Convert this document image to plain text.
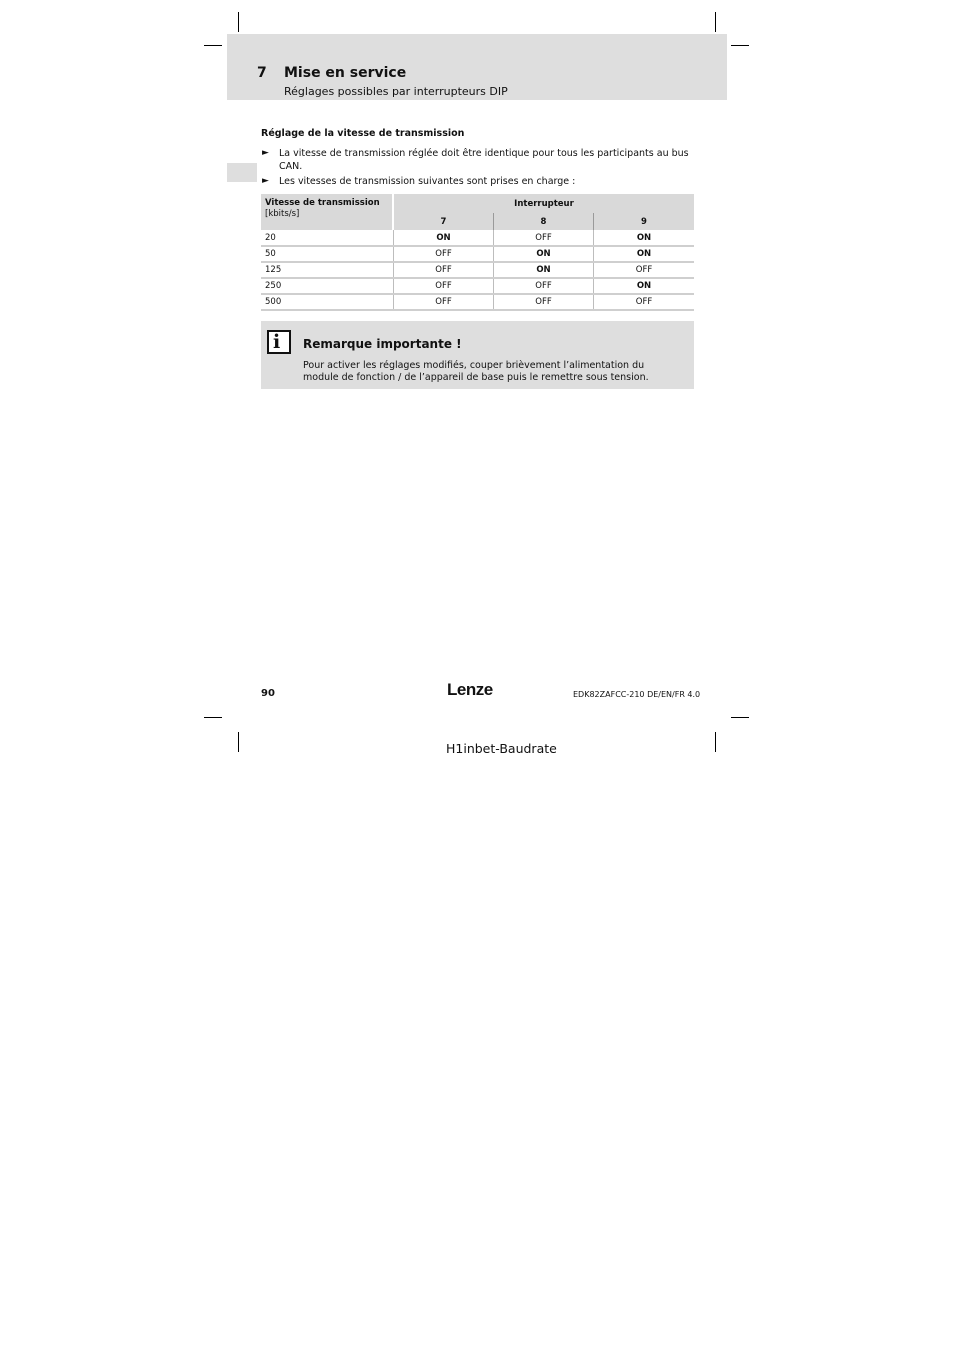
7 Mise en service
Réglages possibles par interrupteurs DIP
Réglage de la vitesse de transmission
► La vitesse de transmission réglée doit être identique pour tous les participants au bus CAN.
► Les vitesses de transmission suivantes sont prises en charge :
Vitesse de transmission
[kbits/s]
Interrupteur
7	8	9
20	ON	OFF	ON
50	OFF	ON	ON
125	OFF	ON	OFF
250	OFF	OFF	ON
500	OFF	OFF	OFF
i Remarque importante !
Pour activer les réglages modifiés, couper brièvement l’alimentation du
module de fonction / de l’appareil de base puis le remettre sous tension.
90	Lenze	EDK82ZAFCC-210 DE/EN/FR 4.0
H1inbet-Baudrate
